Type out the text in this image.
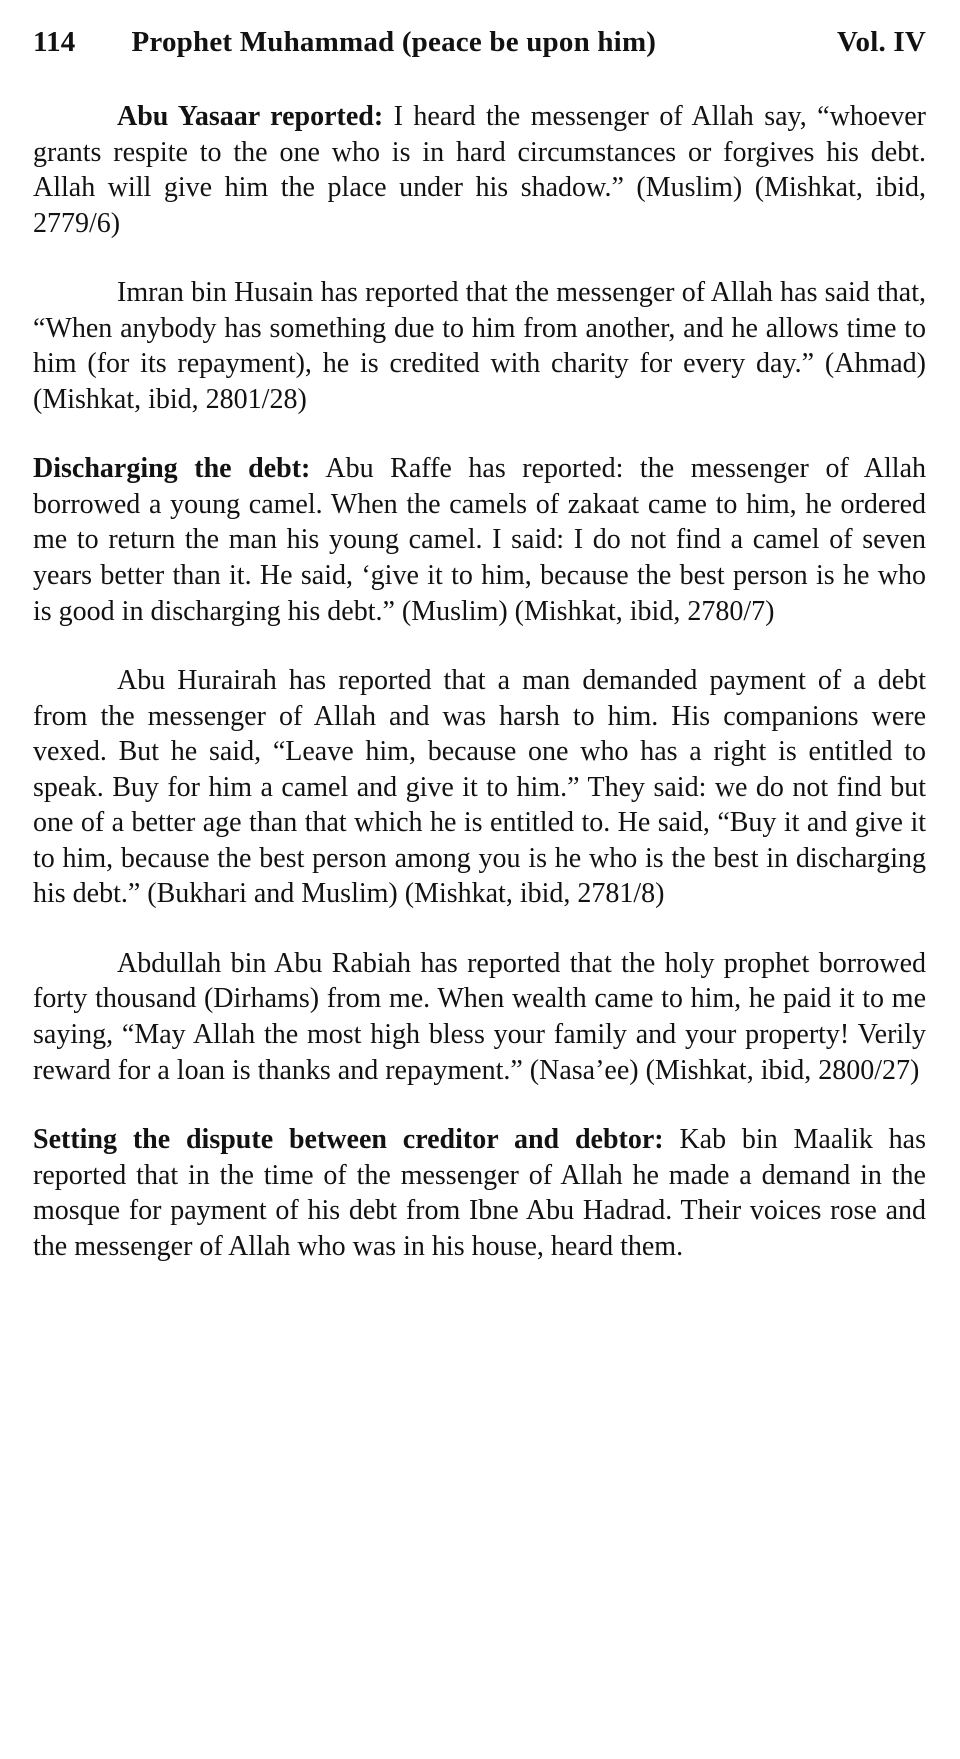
114 Prophet Muhammad (peace be upon him)	Vol. IV

Abu Yasaar reported: I heard the messenger of Allah say, “whoever grants respite to the one who is in hard circumstances or forgives his debt. Allah will give him the place under his shadow.” (Muslim) (Mishkat, ibid, 2779/6)

Imran bin Husain has reported that the messenger of Allah has said that, “When anybody has something due to him from another, and he allows time to him (for its repayment), he is credited with charity for every day.” (Ahmad) (Mishkat, ibid, 2801/28)

Discharging the debt: Abu Raffe has reported: the messenger of Allah borrowed a young camel. When the camels of zakaat came to him, he ordered me to return the man his young camel. I said: I do not find a camel of seven years better than it. He said, ‘give it to him, because the best person is he who is good in discharging his debt.” (Muslim) (Mishkat, ibid, 2780/7)

Abu Hurairah has reported that a man demanded payment of a debt from the messenger of Allah and was harsh to him. His companions were vexed. But he said, “Leave him, because one who has a right is entitled to speak. Buy for him a camel and give it to him.” They said: we do not find but one of a better age than that which he is entitled to. He said, “Buy it and give it to him, because the best person among you is he who is the best in discharging his debt.” (Bukhari and Muslim) (Mishkat, ibid, 2781/8)

Abdullah bin Abu Rabiah has reported that the holy prophet borrowed forty thousand (Dirhams) from me. When wealth came to him, he paid it to me saying, “May Allah the most high bless your family and your property! Verily reward for a loan is thanks and repayment.” (Nasa’ee) (Mishkat, ibid, 2800/27)

Setting the dispute between creditor and debtor: Kab bin Maalik has reported that in the time of the messenger of Allah he made a demand in the mosque for payment of his debt from Ibne Abu Hadrad. Their voices rose and the messenger of Allah who was in his house, heard them.
